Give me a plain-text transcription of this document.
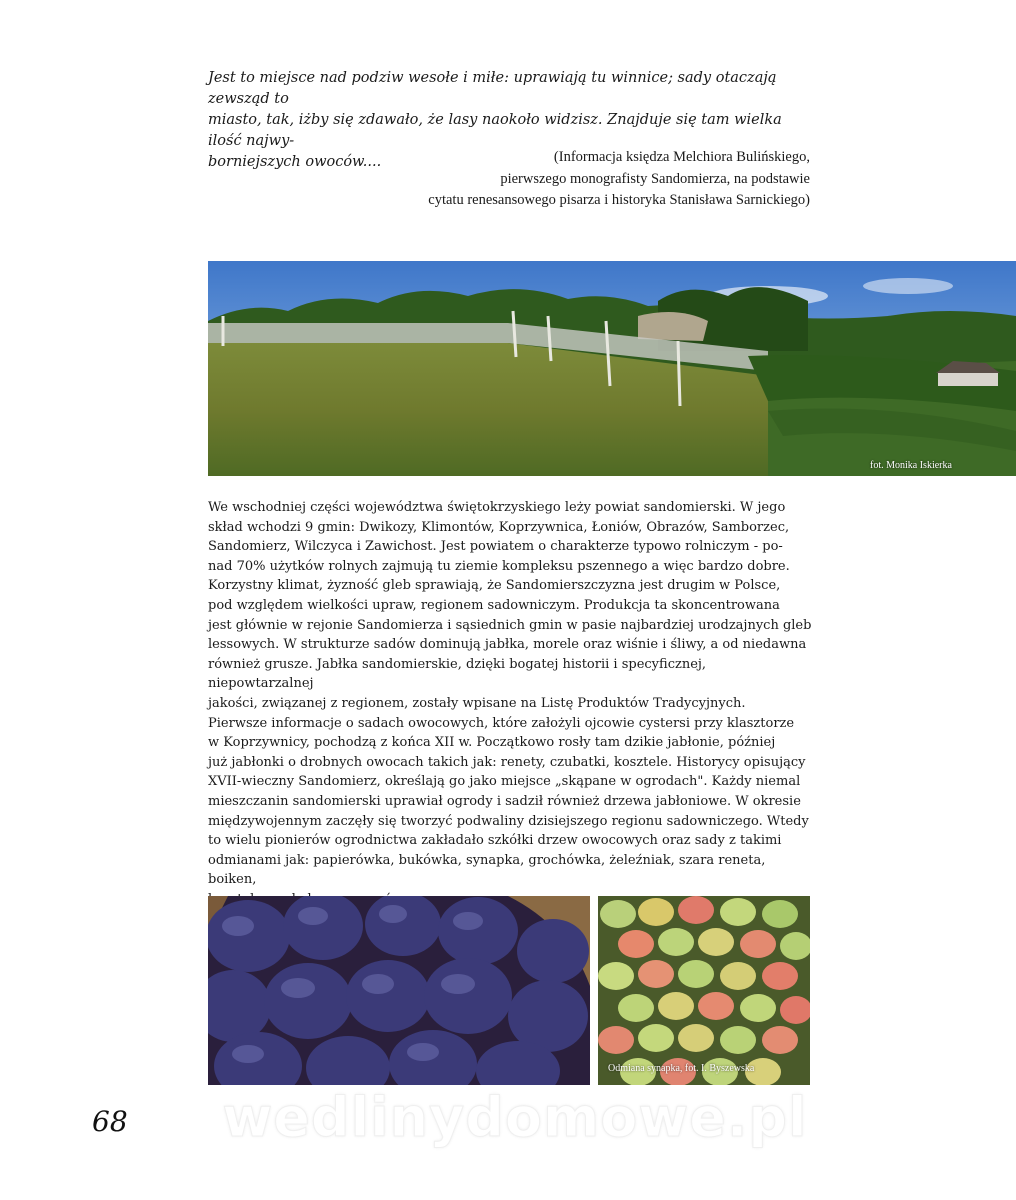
Jest to miejsce nad podziw wesołe i miłe: uprawiają tu winnice; sady otaczają zewsząd to
miasto, tak, iżby się zdawało, że lasy naokoło widzisz. Znajduje się tam wielka ilość najwy-
borniejszych owoców....	(Informacja księdza Melchiora Bulińskiego,
pierwszego monografisty Sandomierza, na podstawie
cytatu renesansowego pisarza i historyka Stanisława Sarnickiego)
fot. Monika Iskierka

We wschodniej części województwa świętokrzyskiego leży powiat sandomierski. W jego

skład wchodzi 9 gmin: Dwikozy, Klimontów, Koprzywnica, Łoniów, Obrazów, Samborzec,

Sandomierz, Wilczyca i Zawichost. Jest powiatem o charakterze typowo rolniczym - po-

nad 70% użytków rolnych zajmują tu ziemie kompleksu pszennego a więc bardzo dobre.

Korzystny klimat, żyzność gleb sprawiają, że Sandomierszczyzna jest drugim w Polsce,

pod względem wielkości upraw, regionem sadowniczym. Produkcja ta skoncentrowana

jest głównie w rejonie Sandomierza i sąsiednich gmin w pasie najbardziej urodzajnych gleb

lessowych. W strukturze sadów dominują jabłka, morele oraz wiśnie i śliwy, a od niedawna

również grusze. Jabłka sandomierskie, dzięki bogatej historii i specyficznej, niepowtarzalnej

jakości, związanej z regionem, zostały wpisane na Listę Produktów Tradycyjnych.

Pierwsze informacje o sadach owocowych, które założyli ojcowie cystersi przy klasztorze

w Koprzywnicy, pochodzą z końca XII w. Początkowo rosły tam dzikie jabłonie, później

już jabłonki o drobnych owocach takich jak: renety, czubatki, kosztele. Historycy opisujący

XVII-wieczny Sandomierz, określają go jako miejsce „skąpane w ogrodach". Każdy niemal

mieszczanin sandomierski uprawiał ogrody i sadził również drzewa jabłoniowe. W okresie

międzywojennym zaczęły się tworzyć podwaliny dzisiejszego regionu sadowniczego. Wtedy

to wielu pionierów ogrodnictwa zakładało szkółki drzew owocowych oraz sady z takimi

odmianami jak: papierówka, bukówka, synapka, grochówka, żeleźniak, szara reneta, boiken,

Odmiana synapka, fot. I. Byszewska
68	wedlinydomowe.pl
